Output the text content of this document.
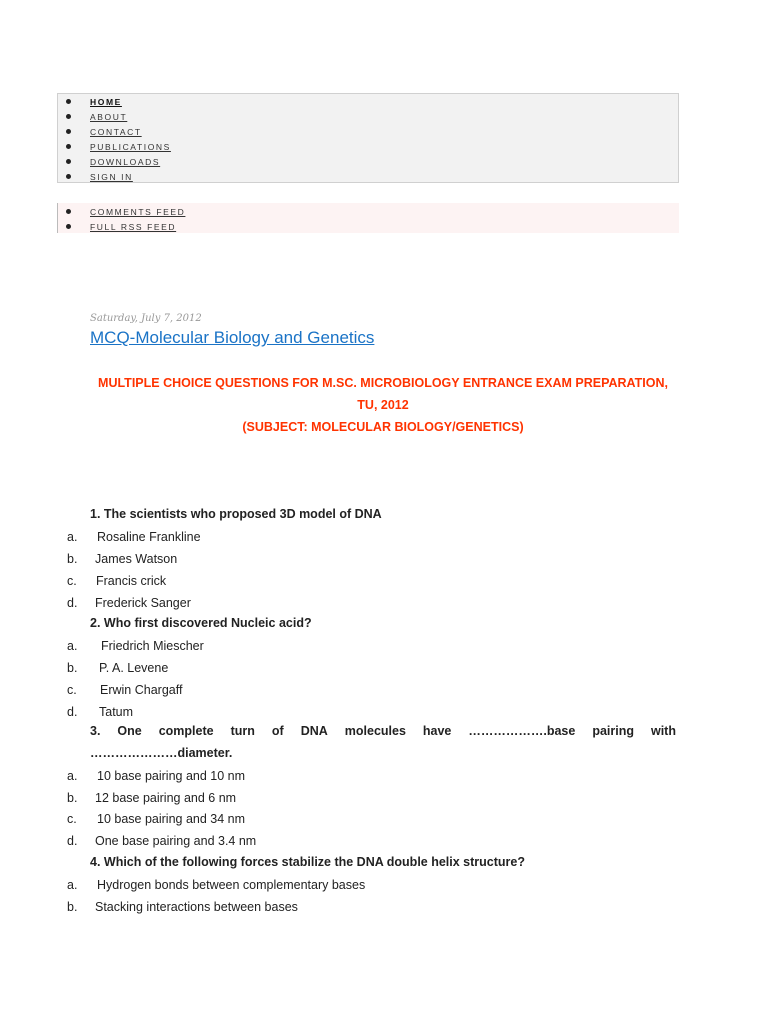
HOME
ABOUT
CONTACT
PUBLICATIONS
DOWNLOADS
SIGN IN
COMMENTS FEED
FULL RSS FEED
Saturday, July 7, 2012
MCQ-Molecular Biology and Genetics
MULTIPLE CHOICE QUESTIONS FOR M.SC. MICROBIOLOGY ENTRANCE EXAM PREPARATION,
TU, 2012
(SUBJECT: MOLECULAR BIOLOGY/GENETICS)
1. The scientists who proposed 3D model of DNA
a. Rosaline Frankline
b. James Watson
c. Francis crick
d. Frederick Sanger
2. Who first discovered Nucleic acid?
a. Friedrich Miescher
b. P. A. Levene
c. Erwin Chargaff
d. Tatum
3. One complete turn of DNA molecules have ……………….base pairing with
…………………diameter.
a. 10 base pairing and 10 nm
b. 12 base pairing and 6 nm
c. 10 base pairing and 34 nm
d. One base pairing and 3.4 nm
4. Which of the following forces stabilize the DNA double helix structure?
a. Hydrogen bonds between complementary bases
b. Stacking interactions between bases
